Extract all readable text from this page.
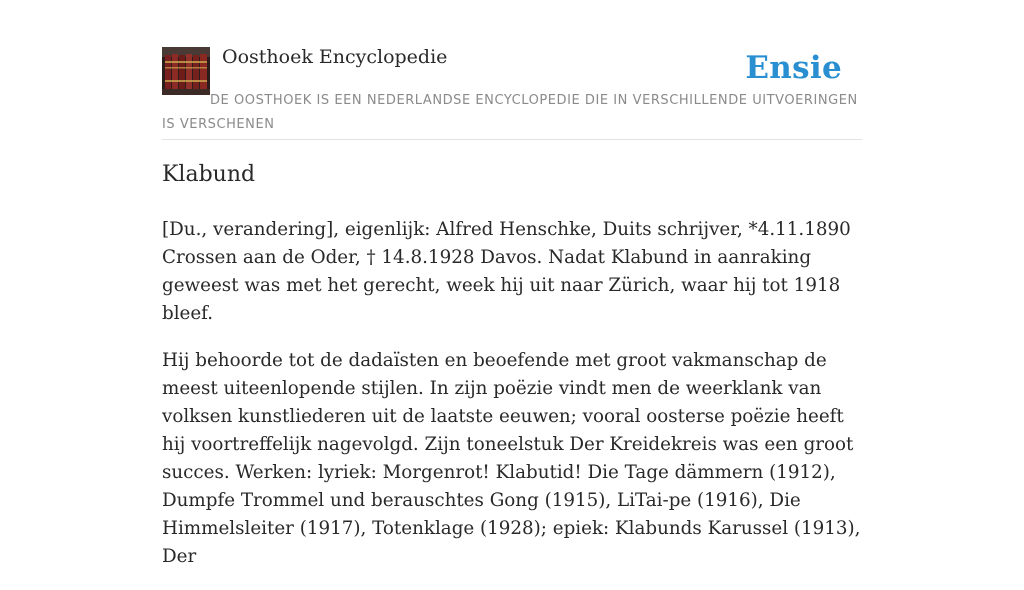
Oosthoek Encyclopedie	Ensie
DE OOSTHOEK IS EEN NEDERLANDSE ENCYCLOPEDIE DIE IN VERSCHILLENDE UITVOERINGEN IS VERSCHENEN
Klabund

[Du., verandering], eigenlijk: Alfred Henschke, Duits schrijver, *4.11.1890 Crossen aan de Oder, † 14.8.1928 Davos. Nadat Klabund in aanraking geweest was met het gerecht, week hij uit naar Zürich, waar hij tot 1918 bleef.

Hij behoorde tot de dadaïsten en beoefende met groot vakmanschap de meest uiteenlopende stijlen. In zijn poëzie vindt men de weerklank van volksen kunstliederen uit de laatste eeuwen; vooral oosterse poëzie heeft hij voortreffelijk nagevolgd. Zijn toneelstuk Der Kreidekreis was een groot succes. Werken: lyriek: Morgenrot! Klabutid! Die Tage dämmern (1912), Dumpfe Trommel und berauschtes Gong (1915), LiTai-pe (1916), Die Himmelsleiter (1917), Totenklage (1928); epiek: Klabunds Karussel (1913), Der
